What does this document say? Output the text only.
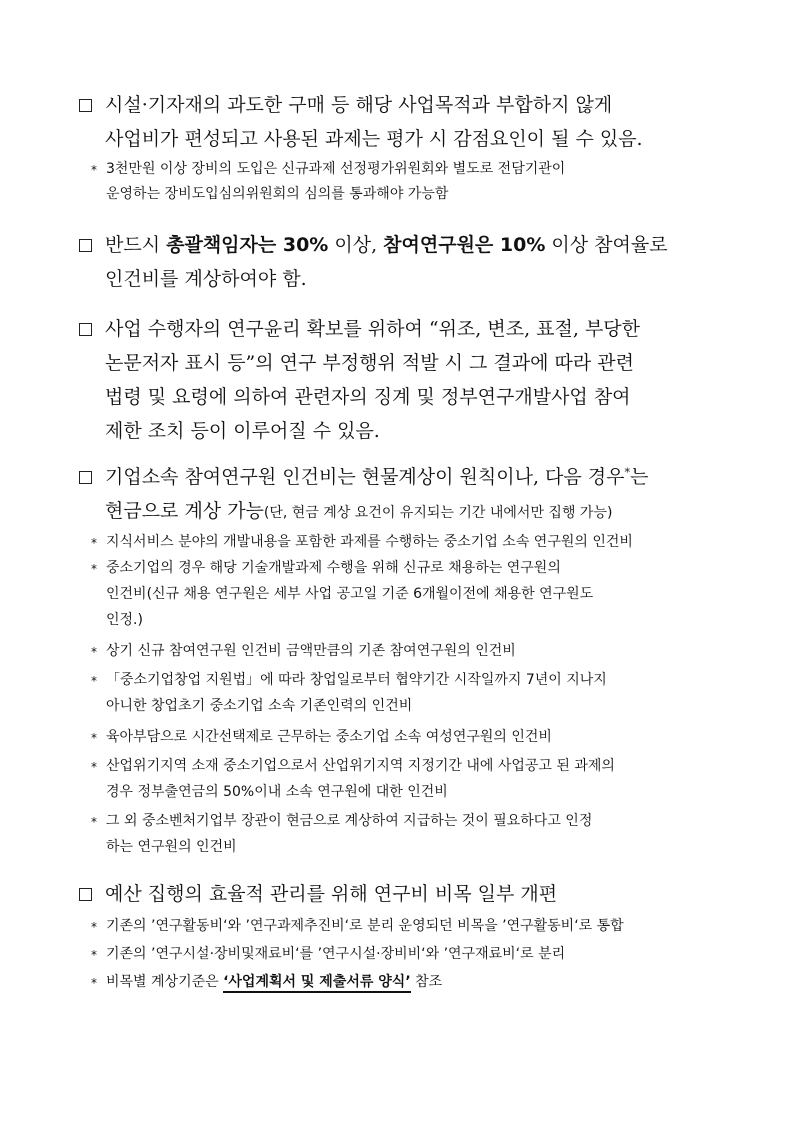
시설·기자재의 과도한 구매 등 해당 사업목적과 부합하지 않게
사업비가 편성되고 사용된 과제는 평가 시 감점요인이 될 수 있음.
* 3천만원 이상 장비의 도입은 신규과제 선정평가위원회와 별도로 전담기관이
운영하는 장비도입심의위원회의 심의를 통과해야 가능함
반드시 총괄책임자는 30% 이상, 참여연구원은 10% 이상 참여율로
인건비를 계상하여야 함.
사업 수행자의 연구윤리 확보를 위하여 “위조, 변조, 표절, 부당한
논문저자 표시 등”의 연구 부정행위 적발 시 그 결과에 따라 관련
법령 및 요령에 의하여 관련자의 징계 및 정부연구개발사업 참여
제한 조치 등이 이루어질 수 있음.
기업소속 참여연구원 인건비는 현물계상이 원칙이나, 다음 경우*는
현금으로 계상 가능(단, 현금 계상 요건이 유지되는 기간 내에서만 집행 가능)
* 지식서비스 분야의 개발내용을 포함한 과제를 수행하는 중소기업 소속 연구원의 인건비
* 중소기업의 경우 해당 기술개발과제 수행을 위해 신규로 채용하는 연구원의
인건비(신규 채용 연구원은 세부 사업 공고일 기준 6개월이전에 채용한 연구원도
인정.)
* 상기 신규 참여연구원 인건비 금액만큼의 기존 참여연구원의 인건비
* 「중소기업창업 지원법」에 따라 창업일로부터 협약기간 시작일까지 7년이 지나지
아니한 창업초기 중소기업 소속 기존인력의 인건비
* 육아부담으로 시간선택제로 근무하는 중소기업 소속 여성연구원의 인건비
* 산업위기지역 소재 중소기업으로서 산업위기지역 지정기간 내에 사업공고 된 과제의
경우 정부출연금의 50%이내 소속 연구원에 대한 인건비
* 그 외 중소벤처기업부 장관이 현금으로 계상하여 지급하는 것이 필요하다고 인정
하는 연구원의 인건비
예산 집행의 효율적 관리를 위해 연구비 비목 일부 개편
* 기존의 ’연구활동비‘와 ’연구과제추진비‘로 분리 운영되던 비목을 ’연구활동비‘로 통합
* 기존의 ’연구시설·장비및재료비‘를 ’연구시설·장비비‘와 ’연구재료비‘로 분리
* 비목별 계상기준은 ‘사업계획서 및 제출서류 양식’ 참조
